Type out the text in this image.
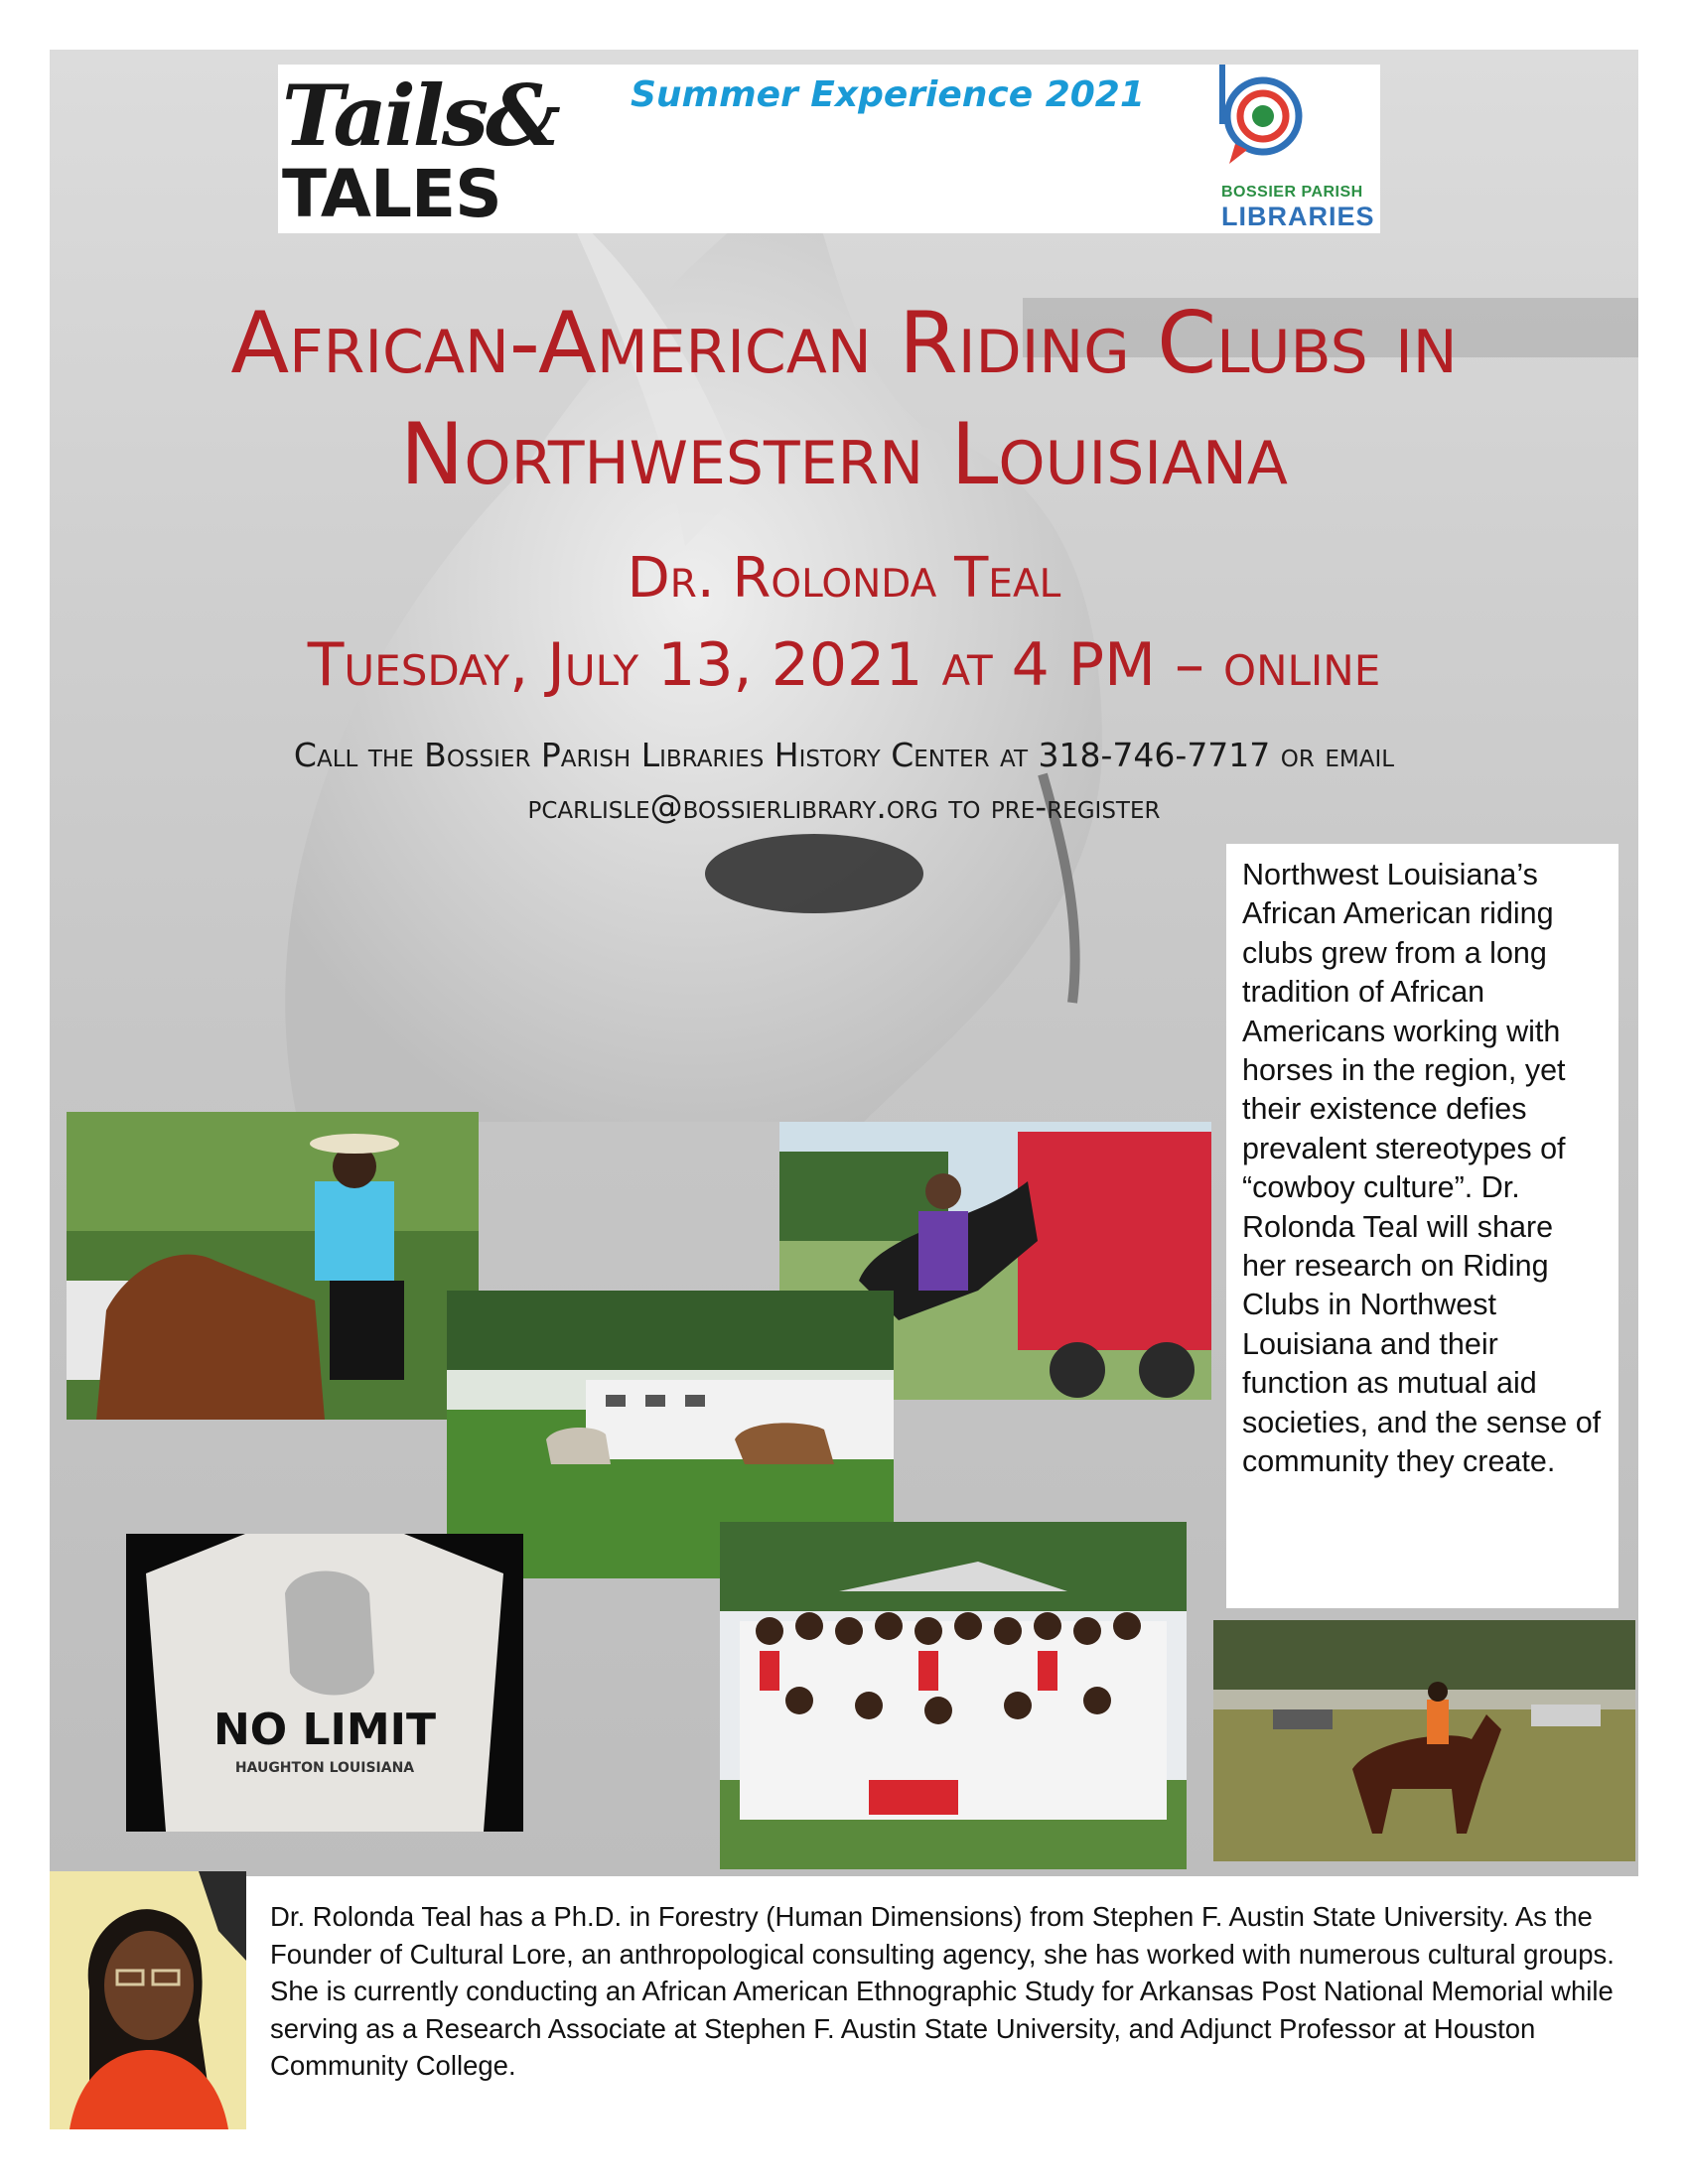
Tails&
TALES
Summer Experience 2021
BOSSIER PARISH
LIBRARIES
African-American Riding Clubs in
Northwestern Louisiana
Dr. Rolonda Teal
Tuesday, July 13, 2021 at 4 PM – online
Call the Bossier Parish Libraries History Center at 318-746-7717 or email
pcarlisle@bossierlibrary.org to pre-register
NO LIMIT
HAUGHTON LOUISIANA

Northwest Louisiana’s African American riding clubs grew from a long tradition of African Americans working with horses in the region, yet their existence defies prevalent stereotypes of “cowboy culture”. Dr. Rolonda Teal will share her research on Riding Clubs in Northwest Louisiana and their function as mutual aid societies, and the sense of community they create.

Dr. Rolonda Teal has a Ph.D. in Forestry (Human Dimensions) from Stephen F. Austin State University. As the Founder of Cultural Lore, an anthropological consulting agency, she has worked with numerous cultural groups. She is currently conducting an African American Ethnographic Study for Arkansas Post National Memorial while serving as a Research Associate at Stephen F. Austin State University, and Adjunct Professor at Houston Community College.
